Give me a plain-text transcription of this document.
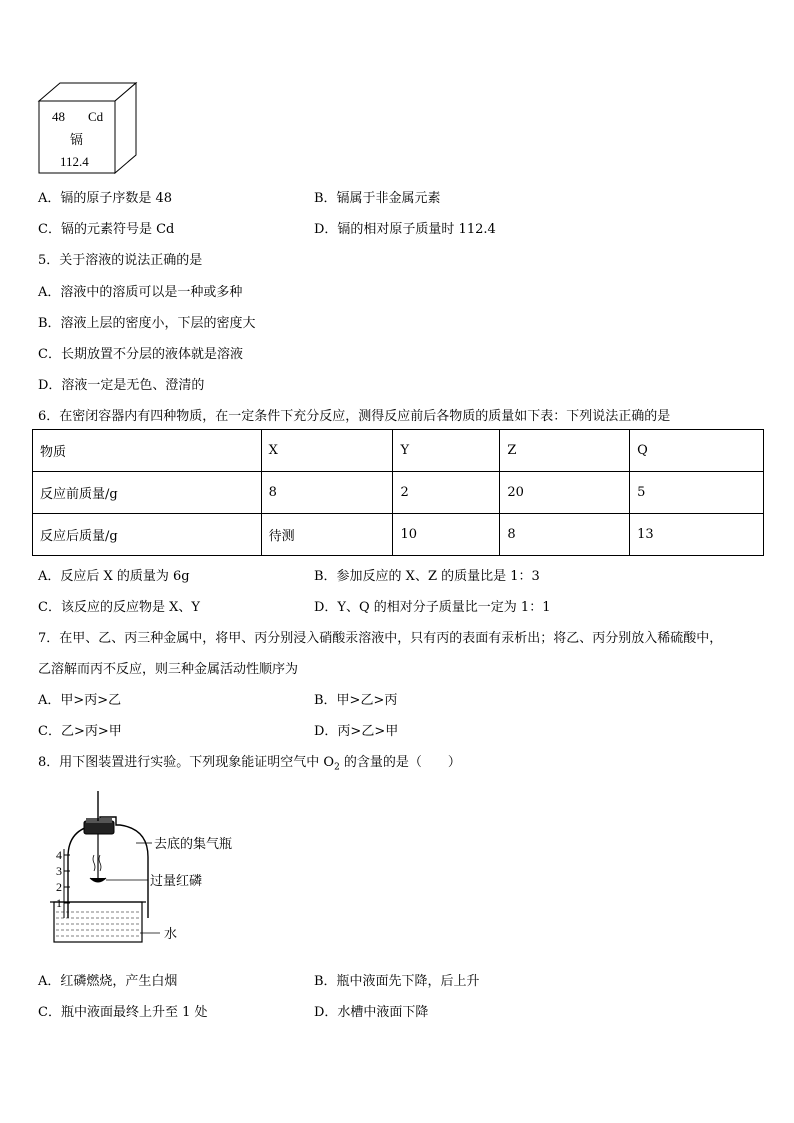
48 Cd
镉
112.4
A．镉的原子序数是 48	B．镉属于非金属元素
C．镉的元素符号是 Cd	D．镉的相对原子质量时 112.4
5．关于溶液的说法正确的是
A．溶液中的溶质可以是一种或多种
B．溶液上层的密度小，下层的密度大
C．长期放置不分层的液体就是溶液
D．溶液一定是无色、澄清的
6．在密闭容器内有四种物质，在一定条件下充分反应，测得反应前后各物质的质量如下表：下列说法正确的是
物质	X	Y	Z	Q
反应前质量/g	8	2	20	5
反应后质量/g	待测	10	8	13
A．反应后 X 的质量为 6g	B．参加反应的 X、Z 的质量比是 1：3
C．该反应的反应物是 X、Y	D．Y、Q 的相对分子质量比一定为 1：1
7．在甲、乙、丙三种金属中，将甲、丙分别浸入硝酸汞溶液中，只有丙的表面有汞析出；将乙、丙分别放入稀硫酸中，
乙溶解而丙不反应，则三种金属活动性顺序为
A．甲>丙>乙	B．甲>乙>丙
C．乙>丙>甲	D．丙>乙>甲
8．用下图装置进行实验。下列现象能证明空气中 $O_2$ 的含量的是（　　）
4
3
2
1
去底的集气瓶
过量红磷
水
A．红磷燃烧，产生白烟	B．瓶中液面先下降，后上升
C．瓶中液面最终上升至 1 处	D．水槽中液面下降
